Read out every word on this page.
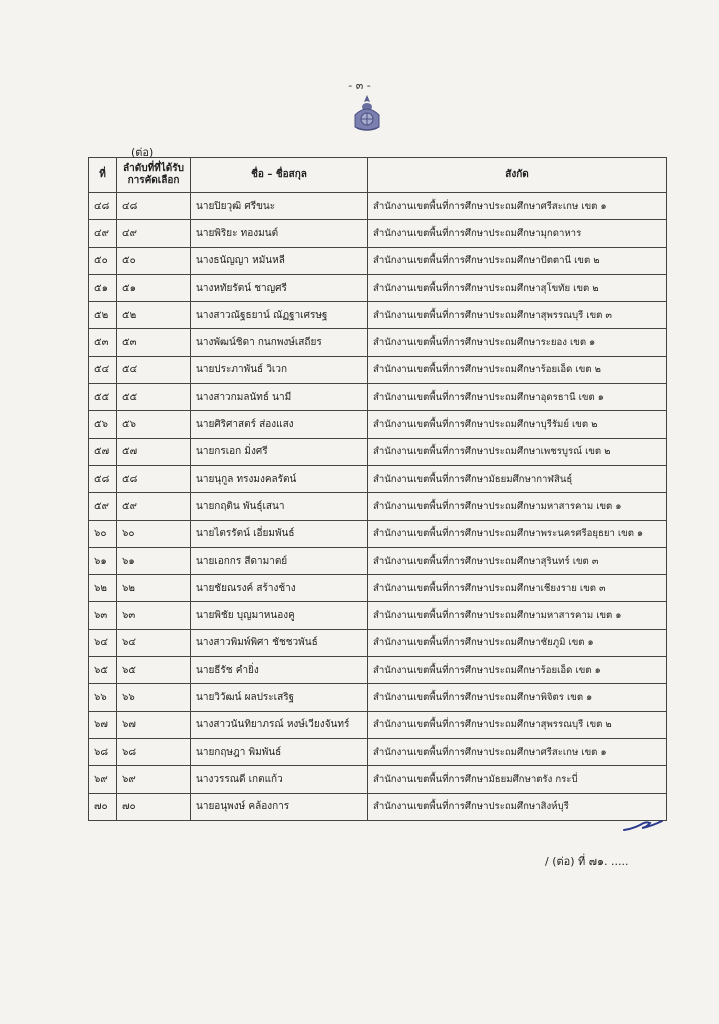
- ๓ -
(ต่อ)
ที่	ลำดับที่ที่ได้รับการคัดเลือก	ชื่อ – ชื่อสกุล	สังกัด
๔๘	๔๘	นายปิยวุฒิ ศรีขนะ	สำนักงานเขตพื้นที่การศึกษาประถมศึกษาศรีสะเกษ เขต ๑
๔๙	๔๙	นายพิริยะ ทองมนต์	สำนักงานเขตพื้นที่การศึกษาประถมศึกษามุกดาหาร
๕๐	๕๐	นางธนัญญา หมันหลี	สำนักงานเขตพื้นที่การศึกษาประถมศึกษาปัตตานี เขต ๒
๕๑	๕๑	นางหทัยรัตน์ ชาญศรี	สำนักงานเขตพื้นที่การศึกษาประถมศึกษาสุโขทัย เขต ๒
๕๒	๕๒	นางสาวณัฐธยาน์ ณัฏฐาเศรษฐ	สำนักงานเขตพื้นที่การศึกษาประถมศึกษาสุพรรณบุรี เขต ๓
๕๓	๕๓	นางพัฒน์ชิดา กนกพงษ์เสถียร	สำนักงานเขตพื้นที่การศึกษาประถมศึกษาระยอง เขต ๑
๕๔	๕๔	นายประภาพันธ์ วิเวก	สำนักงานเขตพื้นที่การศึกษาประถมศึกษาร้อยเอ็ด เขต ๒
๕๕	๕๕	นางสาวกมลนัทธ์ นามี	สำนักงานเขตพื้นที่การศึกษาประถมศึกษาอุดรธานี เขต ๑
๕๖	๕๖	นายศิริศาสตร์ ส่องแสง	สำนักงานเขตพื้นที่การศึกษาประถมศึกษาบุรีรัมย์ เขต ๒
๕๗	๕๗	นายกรเอก มิ่งศรี	สำนักงานเขตพื้นที่การศึกษาประถมศึกษาเพชรบูรณ์ เขต ๒
๕๘	๕๘	นายนุกูล ทรงมงคลรัตน์	สำนักงานเขตพื้นที่การศึกษามัธยมศึกษากาฬสินธุ์
๕๙	๕๙	นายกฤติน พันธุ์เสนา	สำนักงานเขตพื้นที่การศึกษาประถมศึกษามหาสารคาม เขต ๑
๖๐	๖๐	นายไตรรัตน์ เอี่ยมพันธ์	สำนักงานเขตพื้นที่การศึกษาประถมศึกษาพระนครศรีอยุธยา เขต ๑
๖๑	๖๑	นายเอกกร สีดามาตย์	สำนักงานเขตพื้นที่การศึกษาประถมศึกษาสุรินทร์ เขต ๓
๖๒	๖๒	นายชัยณรงค์ สร้างช้าง	สำนักงานเขตพื้นที่การศึกษาประถมศึกษาเชียงราย เขต ๓
๖๓	๖๓	นายพิชัย บุญมาหนองคู	สำนักงานเขตพื้นที่การศึกษาประถมศึกษามหาสารคาม เขต ๑
๖๔	๖๔	นางสาวพิมพ์พิศา ชัชชวพันธ์	สำนักงานเขตพื้นที่การศึกษาประถมศึกษาชัยภูมิ เขต ๑
๖๕	๖๕	นายธีรัช คำยิ่ง	สำนักงานเขตพื้นที่การศึกษาประถมศึกษาร้อยเอ็ด เขต ๑
๖๖	๖๖	นายวิวัฒน์ ผลประเสริฐ	สำนักงานเขตพื้นที่การศึกษาประถมศึกษาพิจิตร เขต ๑
๖๗	๖๗	นางสาวนันทิยาภรณ์ หงษ์เวียงจันทร์	สำนักงานเขตพื้นที่การศึกษาประถมศึกษาสุพรรณบุรี เขต ๒
๖๘	๖๘	นายกฤษฎา พิมพันธ์	สำนักงานเขตพื้นที่การศึกษาประถมศึกษาศรีสะเกษ เขต ๑
๖๙	๖๙	นางวรรณดี เกตแก้ว	สำนักงานเขตพื้นที่การศึกษามัธยมศึกษาตรัง กระบี่
๗๐	๗๐	นายอนุพงษ์ คล้องการ	สำนักงานเขตพื้นที่การศึกษาประถมศึกษาสิงห์บุรี
/ (ต่อ) ที่ ๗๑. .....
